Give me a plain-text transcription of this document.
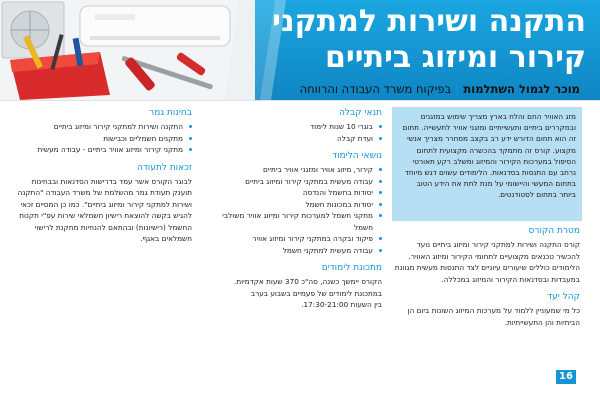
התקנה ושירות למתקני
קירור ומיזוג ביתיים
מוכר לגמול השתלמות|בפיקוח משרד העבודה והרווחה
מזג האוויר החם והלח בארץ מצריך שימוש במזגנים ובמקררים ביתיים ותעשייתיים ומזגני אוויר לתעשייה. תחום זה הוא תחום הדורש ידע רב בקצב מסחרר מצריך אנשי מקצוע. קורס זה מתמקד בהכשרה מקצועית לתחום הסיפול במערכות הקירור והמיזוג ומשלב רקע תאורטי נרחב עם התנסות בסדנאות. הלימודים עשוים דגש מיוחד בתחום המעשי והיישומי על מנת לתת את הידע הטוב ביותר בתחום לסטודנטים.
מטרת הקורס

קורס התקנה ושירות למתקני קירור ומיזוג ביתיים נועד להכשיר טכנאים מקצועיים לתחומי הקירור ומיזוג האוויר. הלימודים כוללים שיעורים עיוניים לצד התנסות מעשית מגוונת במעבדות ובסדנאות הקירור והמיזוג במכללה.

קהל יעד

כל מי שמעוניין ללמוד על מערכות המיזוג השונות ביום הן הביתיות והן התעשייתיות.

תנאי קבלה
בוגרי 10 שנות לימוד
ועדת קבלה
נושאי הלימוד
קירור, מיזוג אוויר ומזגני אוויר ביתיים
עבודה מעשית במתקני קירור ומיזוג ביתיים
יסודות בחשמל והנדסה
יסודות במכונות חשמל
מתקני חשמל למערכות קירור ומיזוג אוויר משולבי חשמל
פיקוד ובקרה במתקני קירור ומיזוג אוויר
עבודה מעשית למתקני חשמל
מתכונת לימודים

הקורס יימשך כשנה, סה"כ 370 שעות אקדמיות.
במתכונת לימודים של פעמיים בשבוע בערב
בין השעות 17:30-21:00.

בחינות גמר
התקנה ושירות למתקני קירור ומיזוג ביתיים
מתקנים חשמליים וכבישות
מתקני קירור ומיזוג אוויר ביתיים - עבודה מעשית
זכאות לתעודה

לבוגר הקורס אשר עמד בדרישות הסדנאות ובבחינות תוענק תעודת גמר מהשלמת של משרד העבודה "התקנה ושירות למתקני קירור ומיזוג ביתיים". כמו כן המסיים זכאי להגיש בקשה להוצאת רישיון חשמלאי שירות עפ"י תקנות החשמל (רישיונות) ובהתאם להנחיות מתקנת לרישוי חשמלאים באגף.

16
